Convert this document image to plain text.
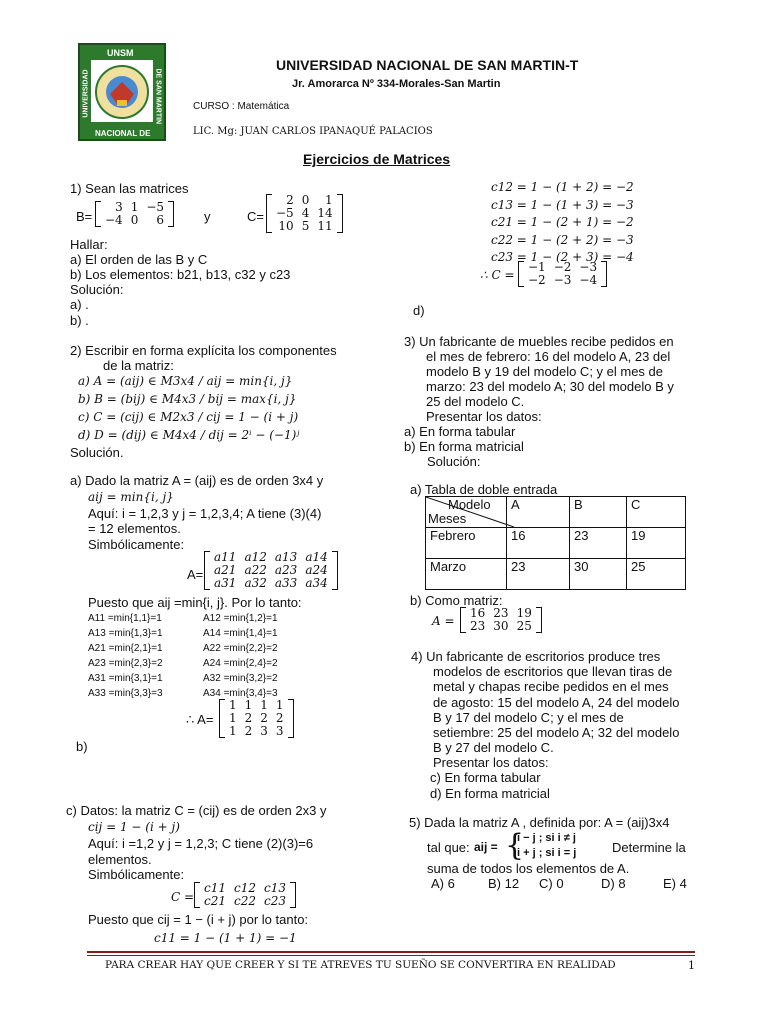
UNSM
NACIONAL DE
UNIVERSIDAD	DE SAN MARTIN
UNIVERSIDAD NACIONAL DE SAN MARTIN-T
Jr. Amorarca Nº 334-Morales-San Martin
CURSO : Matemática
LIC. Mg : JUAN CARLOS IPANAQUÉ PALACIOS
Ejercicios de Matrices
1) Sean las matrices
B=
3	1	−5
−4	0	6	y	C=
2	0	1
−5	4	14
10	5	11
Hallar:
a) El orden de las B y C
b) Los elementos: b21, b13, c32 y c23
Solución:
a) .
b) .
2) Escribir en forma explícita los componentes
de la matriz:
a) A = (aij) ∈ M3x4 / aij = min{i, j}
b) B = (bij) ∈ M4x3 / bij = max{i, j}
c) C = (cij) ∈ M2x3 / cij = 1 − (i + j)
d) D = (dij) ∈ M4x4 / dij = 2ⁱ − (−1)ʲ
Solución.
a) Dado la matriz A = (aij) es de orden 3x4 y
aij = min{i, j}
Aquí: i = 1,2,3 y j = 1,2,3,4; A tiene (3)(4)
= 12 elementos.
Simbólicamente:
A=
a11	a12	a13	a14
a21	a22	a23	a24
a31	a32	a33	a34
Puesto que aij =min{i, j}. Por lo tanto:
A11 =min{1,1}=1
A13 =min{1,3}=1
A21 =min{2,1}=1
A23 =min{2,3}=2
A31 =min{3,1}=1
A33 =min{3,3}=3
A12 =min{1,2}=1
A14 =min{1,4}=1
A22 =min{2,2}=2
A24 =min{2,4}=2
A32 =min{3,2}=2
A34 =min{3,4}=3
∴ A=
1	1	1	1
1	2	2	2
1	2	3	3
b)
c) Datos: la matriz C = (cij) es de orden 2x3 y
cij = 1 − (i + j)
Aquí: i =1,2 y j = 1,2,3; C tiene (2)(3)=6
elementos.
Simbólicamente:
C =
c11	c12	c13
c21	c22	c23
Puesto que cij = 1 − (i + j) por lo tanto:
c11 = 1 − (1 + 1) = −1
c12 = 1 − (1 + 2) = −2
c13 = 1 − (1 + 3) = −3
c21 = 1 − (2 + 1) = −2
c22 = 1 − (2 + 2) = −3
c23 = 1 − (2 + 3) = −4
∴ C =
−1	−2	−3
−2	−3	−4
d)
3) Un fabricante de muebles recibe pedidos en
el mes de febrero: 16 del modelo A, 23 del
modelo B y 19 del modelo C; y el mes de
marzo: 23 del modelo A; 30 del modelo B y
25 del modelo C.
Presentar los datos:
a) En forma tabular
b) En forma matricial
Solución:
a) Tabla de doble entrada
Modelo
Meses	A	B	C
Febrero	16	23	19
Marzo	23	30	25
b) Como matriz:
A =
16	23	19
23	30	25
4) Un fabricante de escritorios produce tres
modelos de escritorios que llevan tiras de
metal y chapas recibe pedidos en el mes
de agosto: 15 del modelo A, 24 del modelo
B y 17 del modelo C; y el mes de
setiembre: 25 del modelo A; 32 del modelo
B y 27 del modelo C.
Presentar los datos:
c) En forma tabular
d) En forma matricial
5) Dada la matriz A , definida por: A = (aij)3x4
tal que: aij = {
i − j ; si i ≠ j
i + j ; si i = j	Determine la
suma de todos los elementos de A.
A) 6	B) 12 C) 0	D) 8	E) 4
PARA CREAR HAY QUE CREER Y SI TE ATREVES TU SUEÑO SE CONVERTIRA EN REALIDAD	1
